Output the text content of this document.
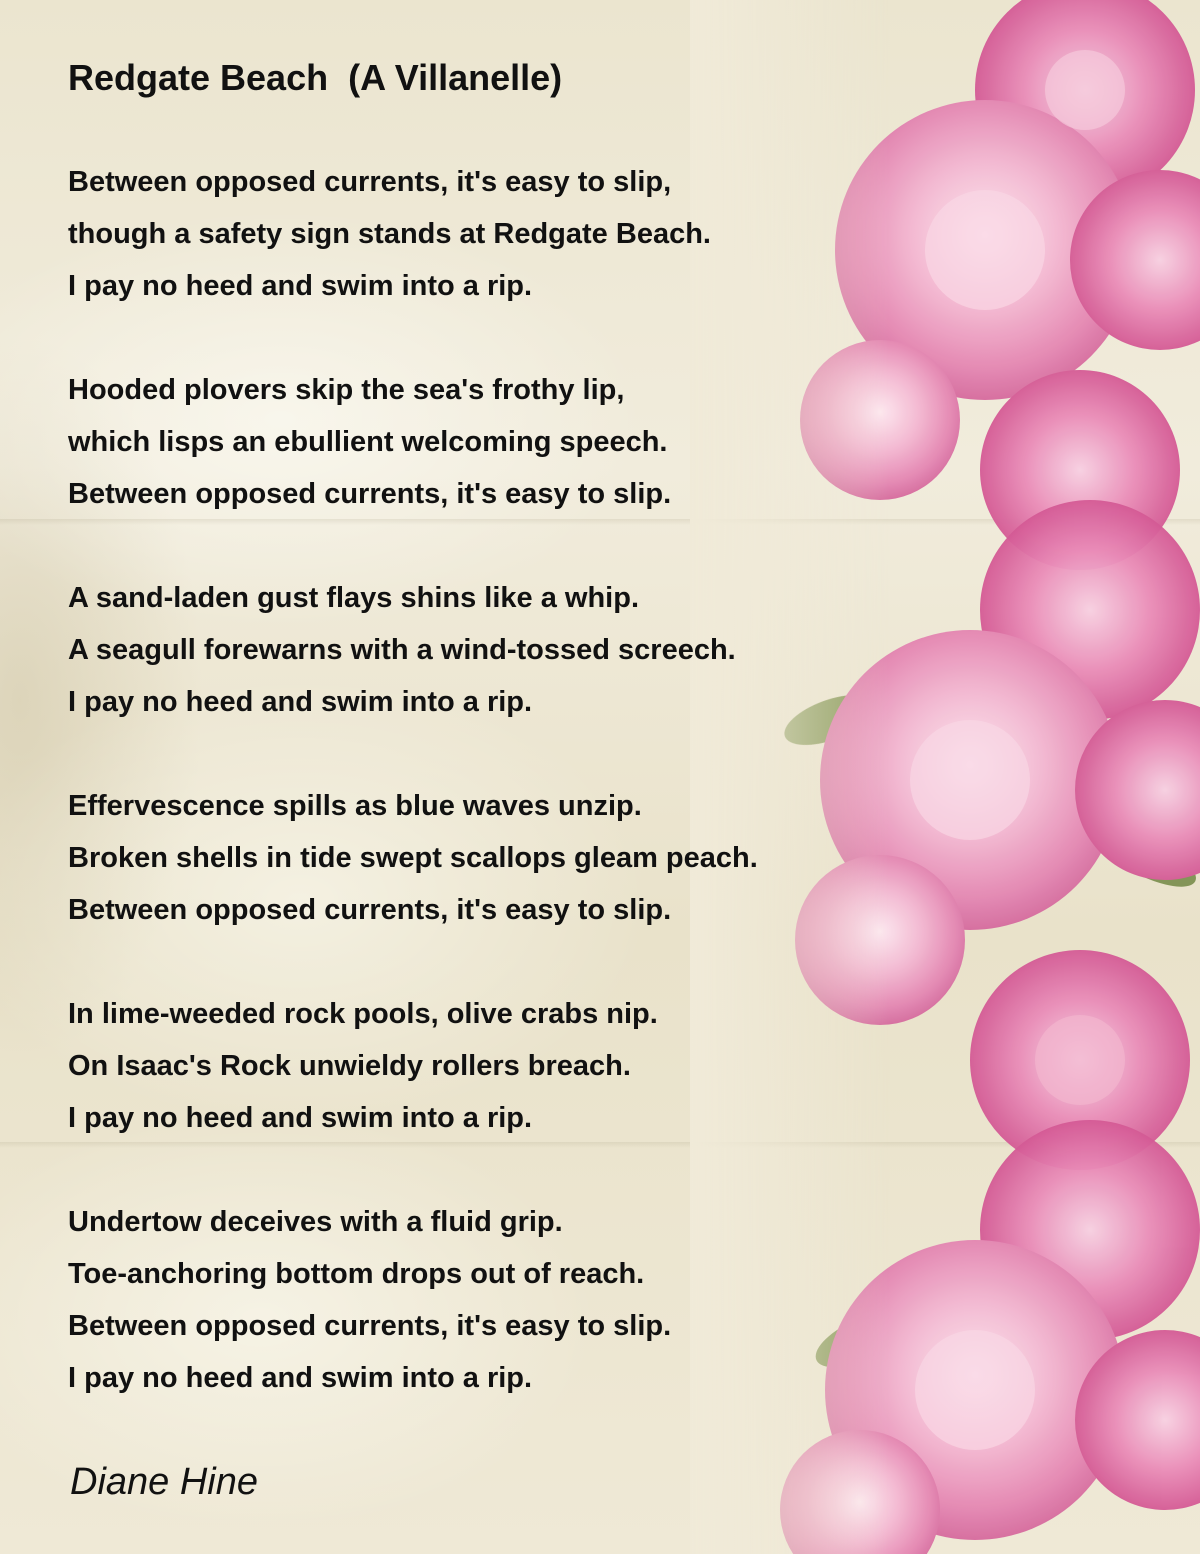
Redgate Beach  (A Villanelle)
Between opposed currents, it's easy to slip,
though a safety sign stands at Redgate Beach.
I pay no heed and swim into a rip.
Hooded plovers skip the sea's frothy lip,
which lisps an ebullient welcoming speech.
Between opposed currents, it's easy to slip.
A sand-laden gust flays shins like a whip.
A seagull forewarns with a wind-tossed screech.
I pay no heed and swim into a rip.
Effervescence spills as blue waves unzip.
Broken shells in tide swept scallops gleam peach.
Between opposed currents, it's easy to slip.
In lime-weeded rock pools, olive crabs nip.
On Isaac's Rock unwieldy rollers breach.
I pay no heed and swim into a rip.
Undertow deceives with a fluid grip.
Toe-anchoring bottom drops out of reach.
Between opposed currents, it's easy to slip.
I pay no heed and swim into a rip.
Diane Hine
